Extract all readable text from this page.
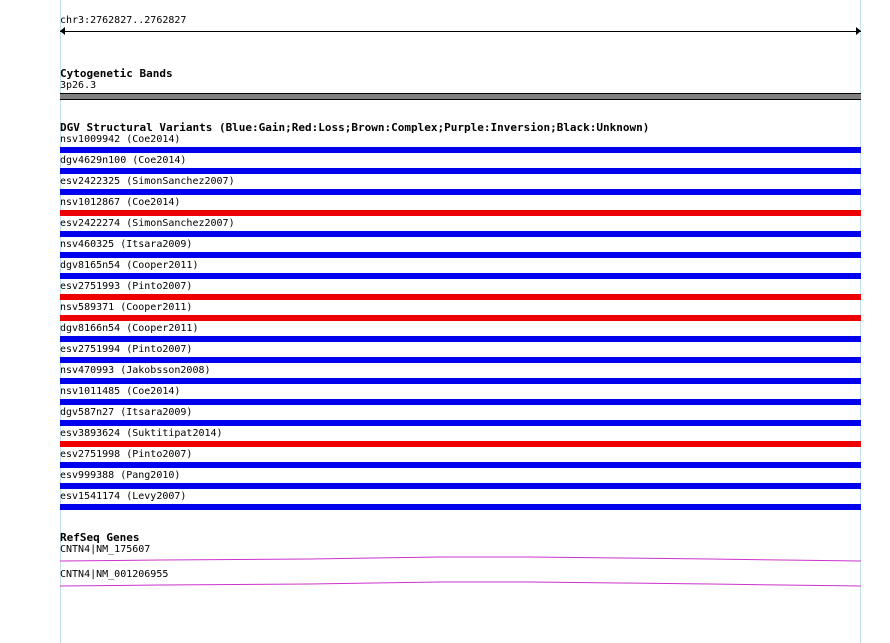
chr3:2762827..2762827
Cytogenetic Bands
3p26.3
DGV Structural Variants (Blue:Gain;Red:Loss;Brown:Complex;Purple:Inversion;Black:Unknown)
nsv1009942 (Coe2014)
dgv4629n100 (Coe2014)
esv2422325 (SimonSanchez2007)
nsv1012867 (Coe2014)
esv2422274 (SimonSanchez2007)
nsv460325 (Itsara2009)
dgv8165n54 (Cooper2011)
esv2751993 (Pinto2007)
nsv589371 (Cooper2011)
dgv8166n54 (Cooper2011)
esv2751994 (Pinto2007)
nsv470993 (Jakobsson2008)
nsv1011485 (Coe2014)
dgv587n27 (Itsara2009)
esv3893624 (Suktitipat2014)
esv2751998 (Pinto2007)
esv999388 (Pang2010)
esv1541174 (Levy2007)
RefSeq Genes
CNTN4|NM_175607
CNTN4|NM_001206955
